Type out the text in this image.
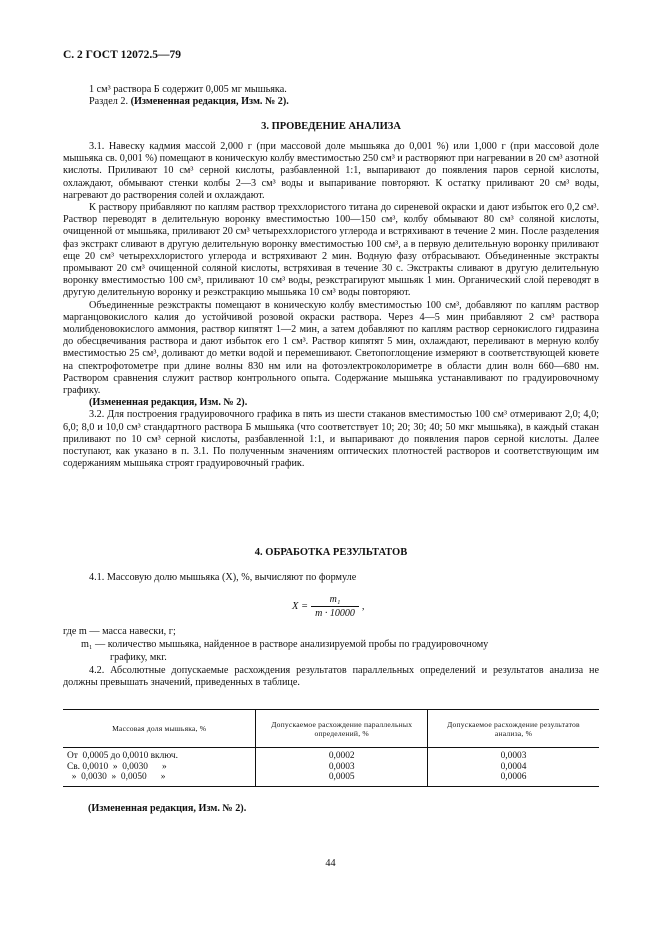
С. 2 ГОСТ 12072.5—79

1 см³ раствора Б содержит 0,005 мг мышьяка.

Раздел 2. (Измененная редакция, Изм. № 2).

3. ПРОВЕДЕНИЕ АНАЛИЗА

3.1. Навеску кадмия массой 2,000 г (при массовой доле мышьяка до 0,001 %) или 1,000 г (при массовой доле мышьяка св. 0,001 %) помещают в коническую колбу вместимостью 250 см³ и растворяют при нагревании в 20 см³ азотной кислоты. Приливают 10 см³ серной кислоты, разбавленной 1:1, выпаривают до появления паров серной кислоты, охлаждают, обмывают стенки колбы 2—3 см³ воды и выпаривание повторяют. К остатку приливают 20 см³ воды, нагревают до растворения солей и охлаждают.

К раствору прибавляют по каплям раствор треххлористого титана до сиреневой окраски и дают избыток его 0,2 см³. Раствор переводят в делительную воронку вместимостью 100—150 см³, колбу обмывают 80 см³ соляной кислоты, очищенной от мышьяка, приливают 20 см³ четыреххлористого углерода и встряхивают в течение 2 мин. После разделения фаз экстракт сливают в другую делительную воронку вместимостью 100 см³, а в первую делительную воронку приливают еще 20 см³ четыреххлористого углерода и встряхивают 2 мин. Водную фазу отбрасывают. Объединенные экстракты промывают 20 см³ очищенной соляной кислоты, встряхивая в течение 30 с. Экстракты сливают в другую делительную воронку вместимостью 100 см³, приливают 10 см³ воды, реэкстрагируют мышьяк 1 мин. Органический слой переводят в другую делительную воронку и реэкстракцию мышьяка 10 см³ воды повторяют.

Объединенные реэкстракты помещают в коническую колбу вместимостью 100 см³, добавляют по каплям раствор марганцовокислого калия до устойчивой розовой окраски раствора. Через 4—5 мин прибавляют 2 см³ раствора молибденовокислого аммония, раствор кипятят 1—2 мин, а затем добавляют по каплям раствор сернокислого гидразина до обесцвечивания раствора и дают избыток его 1 см³. Раствор кипятят 5 мин, охлаждают, переливают в мерную колбу вместимостью 25 см³, доливают до метки водой и перемешивают. Светопоглощение измеряют в соответствующей кювете на спектрофотометре при длине волны 830 нм или на фотоэлектроколориметре в области длин волн 660—680 нм. Раствором сравнения служит раствор контрольного опыта. Содержание мышьяка устанавливают по градуировочному графику.

(Измененная редакция, Изм. № 2).

3.2. Для построения градуировочного графика в пять из шести стаканов вместимостью 100 см³ отмеривают 2,0; 4,0; 6,0; 8,0 и 10,0 см³ стандартного раствора Б мышьяка (что соответствует 10; 20; 30; 40; 50 мкг мышьяка), в каждый стакан приливают по 10 см³ серной кислоты, разбавленной 1:1, и выпаривают до появления паров серной кислоты. Далее поступают, как указано в п. 3.1. По полученным значениям оптических плотностей растворов и соответствующим им содержаниям мышьяка строят градуировочный график.

4. ОБРАБОТКА РЕЗУЛЬТАТОВ

4.1. Массовую долю мышьяка (X), %, вычисляют по формуле

$X = \frac{\text{m₁}}{m \cdot 10000}$ ,
где m — масса навески, г;
m₁ — количество мышьяка, найденное в растворе анализируемой пробы по градуировочному
графику, мкг.

4.2. Абсолютные допускаемые расхождения результатов параллельных определений и результатов анализа не должны превышать значений, приведенных в таблице.

Массовая доля мышьяка, %	Допускаемое расхождение параллельных определений, %	Допускаемое расхождение результатов анализа, %
От  0,0005 до 0,0010 включ.	0,0002	0,0003
Св. 0,0010  »  0,0030      »	0,0003	0,0004
»  0,0030  »  0,0050      »	0,0005	0,0006
(Измененная редакция, Изм. № 2).
44
